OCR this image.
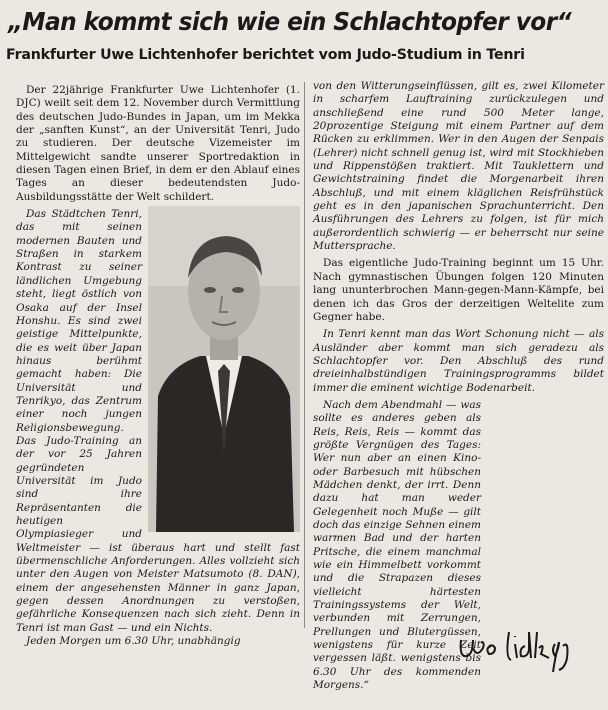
„Man kommt sich wie ein Schlachtopfer vor“
Frankfurter Uwe Lichtenhofer berichtet vom Judo-Studium in Tenri

Der 22jährige Frankfurter Uwe Lichtenhofer (1. DJC) weilt seit dem 12. November durch Vermittlung des deutschen Judo-Bundes in Japan, um im Mekka der „sanften Kunst“, an der Universität Tenri, Judo zu studieren. Der deutsche Vizemeister im Mittelgewicht sandte unserer Sportredaktion in diesen Tagen einen Brief, in dem er den Ablauf eines Tages an dieser bedeutendsten Judo-Ausbildungsstätte der Welt schildert.

Das Städtchen Tenri, das mit seinen modernen Bauten und Straßen in starkem Kontrast zu seiner ländlichen Umgebung steht, liegt östlich von Osaka auf der Insel Honshu. Es sind zwei geistige Mittelpunkte, die es weit über Japan hinaus berühmt gemacht haben: Die Universität und Tenrikyo, das Zentrum einer noch jungen Religionsbewegung. Das Judo-Training an der vor 25 Jahren gegründeten Universität im Judo sind ihre Repräsentanten die heutigen Olympiasieger und Weltmeister — ist überaus hart und stellt fast übermenschliche Anforderungen. Alles vollzieht sich unter den Augen von Meister Matsumoto (8. DAN), einem der angesehensten Männer in ganz Japan, gegen dessen Anordnungen zu verstoßen, gefährliche Konsequenzen nach sich zieht. Denn in Tenri ist man Gast — und ein Nichts.

Jeden Morgen um 6.30 Uhr, unabhängig

von den Witterungseinflüssen, gilt es, zwei Kilometer in scharfem Lauftraining zurückzulegen und anschließend eine rund 500 Meter lange, 20prozentige Steigung mit einem Partner auf dem Rücken zu erklimmen. Wer in den Augen der Senpais (Lehrer) nicht schnell genug ist, wird mit Stockhieben und Rippenstößen traktiert. Mit Tauklettern und Gewichtstraining findet die Morgenarbeit ihren Abschluß, und mit einem kläglichen Reisfrühstück geht es in den japanischen Sprachunterricht. Den Ausführungen des Lehrers zu folgen, ist für mich außerordentlich schwierig — er beherrscht nur seine Muttersprache.

Das eigentliche Judo-Training beginnt um 15 Uhr. Nach gymnastischen Übungen folgen 120 Minuten lang ununterbrochen Mann-gegen-Mann-Kämpfe, bei denen ich das Gros der derzeitigen Weltelite zum Gegner habe.

In Tenri kennt man das Wort Schonung nicht — als Ausländer aber kommt man sich geradezu als Schlachtopfer vor. Den Abschluß des rund dreieinhalbstündigen Trainingsprogramms bildet immer die eminent wichtige Bodenarbeit.

Nach dem Abendmahl — was sollte es anderes geben als Reis, Reis, Reis — kommt das größte Vergnügen des Tages: Wer nun aber an einen Kino- oder Barbesuch mit hübschen Mädchen denkt, der irrt. Denn dazu hat man weder Gelegenheit noch Muße — gilt doch das einzige Sehnen einem warmen Bad und der harten Pritsche, die einem manchmal wie ein Himmelbett vorkommt und die Strapazen dieses vielleicht härtesten Trainingssystems der Welt, verbunden mit Zerrungen, Prellungen und Blutergüssen, wenigstens für kurze Zeit vergessen läßt. wenigstens bis 6.30 Uhr des kommenden Morgens.“
